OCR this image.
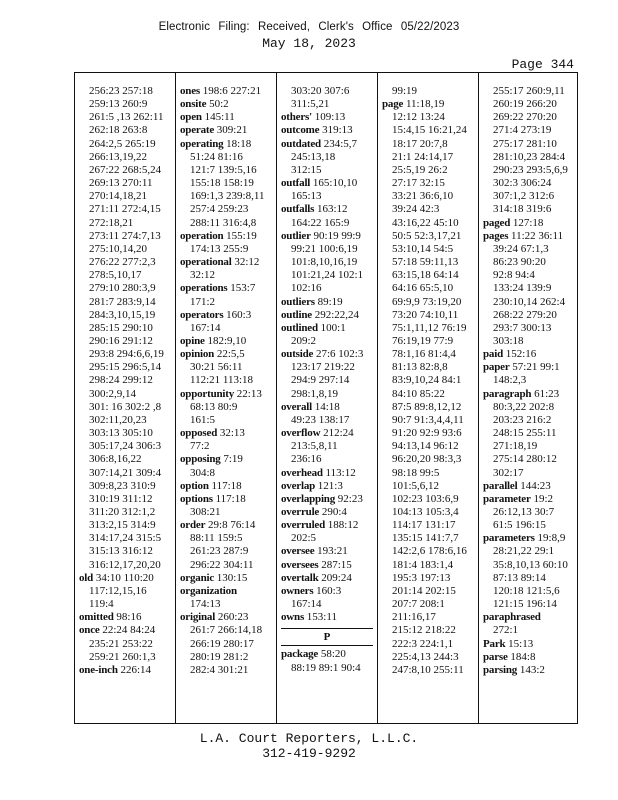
Electronic Filing: Received, Clerk's Office 05/22/2023
May 18, 2023
Page 344
256:23 257:18
259:13 260:9
261:5 ,13 262:11
262:18 263:8
264:2,5 265:19
266:13,19,22
267:22 268:5,24
269:13 270:11
270:14,18,21
271:11 272:4,15
272:18,21
273:11 274:7,13
275:10,14,20
276:22 277:2,3
278:5,10,17
279:10 280:3,9
281:7 283:9,14
284:3,10,15,19
285:15 290:10
290:16 291:12
293:8 294:6,6,19
295:15 296:5,14
298:24 299:12
300:2,9,14
301: 16 302:2 ,8
302:11,20,23
303:13 305:10
305:17,24 306:3
306:8,16,22
307:14,21 309:4
309:8,23 310:9
310:19 311:12
311:20 312:1,2
313:2,15 314:9
314:17,24 315:5
315:13 316:12
316:12,17,20,20
old 34:10 110:20
117:12,15,16
119:4
omitted 98:16
once 22:24 84:24
235:21 253:22
259:21 260:1,3
one-inch 226:14
ones 198:6 227:21
onsite 50:2
open 145:11
operate 309:21
operating 18:18
51:24 81:16
121:7 139:5,16
155:18 158:19
169:1,3 239:8,11
257:4 259:23
288:11 316:4,8
operation 155:19
174:13 255:9
operational 32:12
32:12
operations 153:7
171:2
operators 160:3
167:14
opine 182:9,10
opinion 22:5,5
30:21 56:11
112:21 113:18
opportunity 22:13
68:13 80:9
161:5
opposed 32:13
77:2
opposing 7:19
304:8
option 117:18
options 117:18
308:21
order 29:8 76:14
88:11 159:5
261:23 287:9
296:22 304:11
organic 130:15
organization
174:13
original 260:23
261:7 266:14,18
266:19 280:17
280:19 281:2
282:4 301:21
303:20 307:6
311:5,21
others' 109:13
outcome 319:13
outdated 234:5,7
245:13,18
312:15
outfall 165:10,10
165:13
outfalls 163:12
164:22 165:9
outlier 90:19 99:9
99:21 100:6,19
101:8,10,16,19
101:21,24 102:1
102:16
outliers 89:19
outline 292:22,24
outlined 100:1
209:2
outside 27:6 102:3
123:17 219:22
294:9 297:14
298:1,8,19
overall 14:18
49:23 138:17
overflow 212:24
213:5,8,11
236:16
overhead 113:12
overlap 121:3
overlapping 92:23
overrule 290:4
overruled 188:12
202:5
oversee 193:21
oversees 287:15
overtalk 209:24
owners 160:3
167:14
owns 153:11
P
package 58:20
88:19 89:1 90:4
99:19
page 11:18,19
12:12 13:24
15:4,15 16:21,24
18:17 20:7,8
21:1 24:14,17
25:5,19 26:2
27:17 32:15
33:21 36:6,10
39:24 42:3
43:16,22 45:10
50:5 52:3,17,21
53:10,14 54:5
57:18 59:11,13
63:15,18 64:14
64:16 65:5,10
69:9,9 73:19,20
73:20 74:10,11
75:1,11,12 76:19
76:19,19 77:9
78:1,16 81:4,4
81:13 82:8,8
83:9,10,24 84:1
84:10 85:22
87:5 89:8,12,12
90:7 91:3,4,4,11
91:20 92:9 93:6
94:13,14 96:12
96:20,20 98:3,3
98:18 99:5
101:5,6,12
102:23 103:6,9
104:13 105:3,4
114:17 131:17
135:15 141:7,7
142:2,6 178:6,16
181:4 183:1,4
195:3 197:13
201:14 202:15
207:7 208:1
211:16,17
215:12 218:22
222:3 224:1,1
225:4,13 244:3
247:8,10 255:11
255:17 260:9,11
260:19 266:20
269:22 270:20
271:4 273:19
275:17 281:10
281:10,23 284:4
290:23 293:5,6,9
302:3 306:24
307:1,2 312:6
314:18 319:6
paged 127:18
pages 11:22 36:11
39:24 67:1,3
86:23 90:20
92:8 94:4
133:24 139:9
230:10,14 262:4
268:22 279:20
293:7 300:13
303:18
paid 152:16
paper 57:21 99:1
148:2,3
paragraph 61:23
80:3,22 202:8
203:23 216:2
248:15 255:11
271:18,19
275:14 280:12
302:17
parallel 144:23
parameter 19:2
26:12,13 30:7
61:5 196:15
parameters 19:8,9
28:21,22 29:1
35:8,10,13 60:10
87:13 89:14
120:18 121:5,6
121:15 196:14
paraphrased
272:1
Park 15:13
parse 184:8
parsing 143:2
L.A. Court Reporters, L.L.C.
312-419-9292
